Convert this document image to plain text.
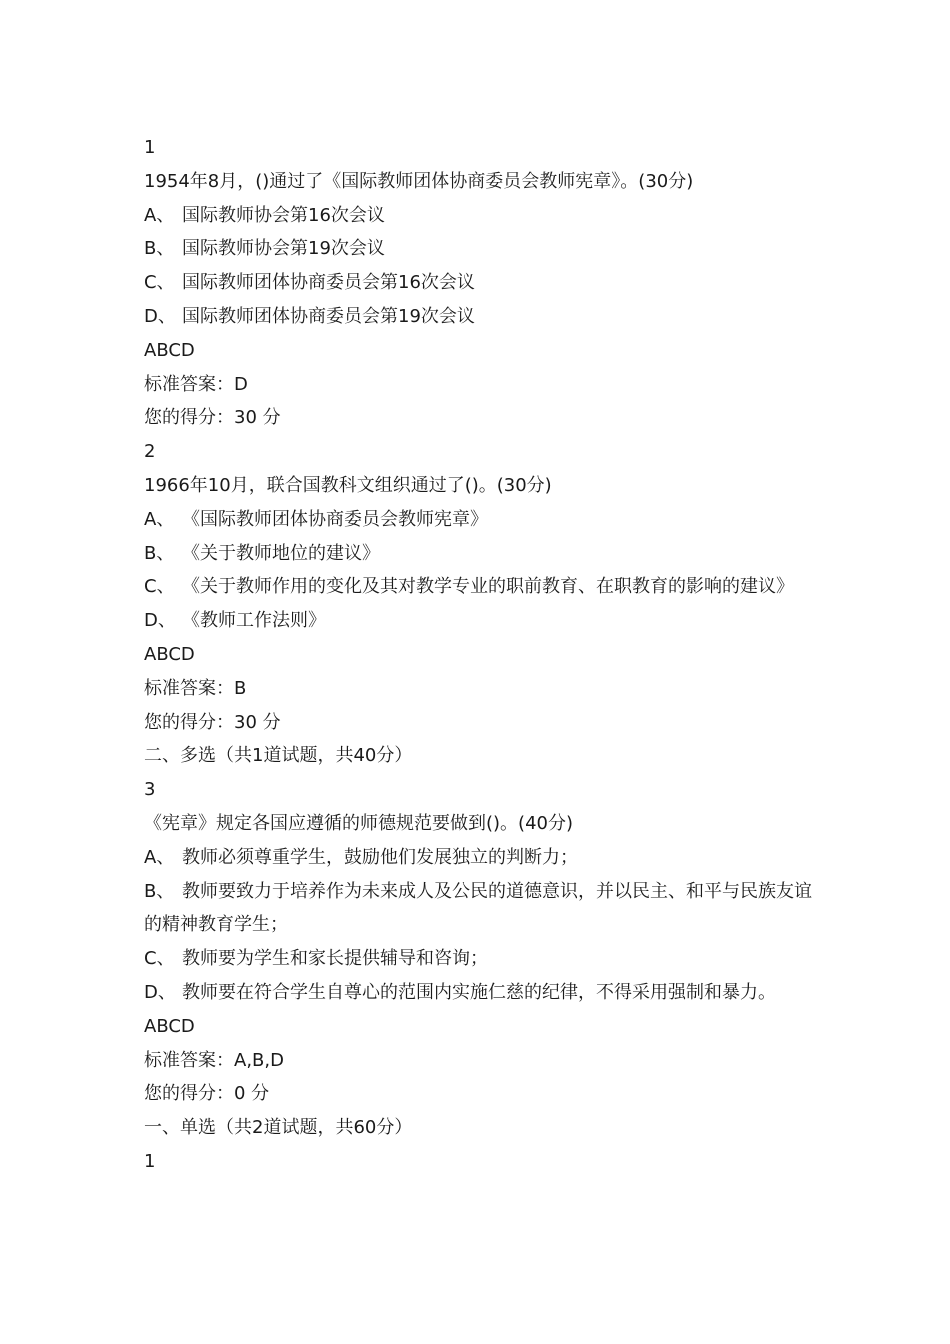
1

1954年8月，()通过了《国际教师团体协商委员会教师宪章》。(30分)

A、 国际教师协会第16次会议

B、 国际教师协会第19次会议

C、 国际教师团体协商委员会第16次会议

D、 国际教师团体协商委员会第19次会议

ABCD

标准答案：D

您的得分：30 分

2

1966年10月，联合国教科文组织通过了()。(30分)

A、 《国际教师团体协商委员会教师宪章》

B、 《关于教师地位的建议》

C、 《关于教师作用的变化及其对教学专业的职前教育、在职教育的影响的建议》

D、 《教师工作法则》

ABCD

标准答案：B

您的得分：30 分

二、多选（共1道试题，共40分）

3

《宪章》规定各国应遵循的师德规范要做到()。(40分)

A、 教师必须尊重学生，鼓励他们发展独立的判断力；

B、 教师要致力于培养作为未来成人及公民的道德意识，并以民主、和平与民族友谊的精神教育学生；

C、 教师要为学生和家长提供辅导和咨询；

D、 教师要在符合学生自尊心的范围内实施仁慈的纪律，不得采用强制和暴力。

ABCD

标准答案：A,B,D

您的得分：0 分

一、单选（共2道试题，共60分）

1
